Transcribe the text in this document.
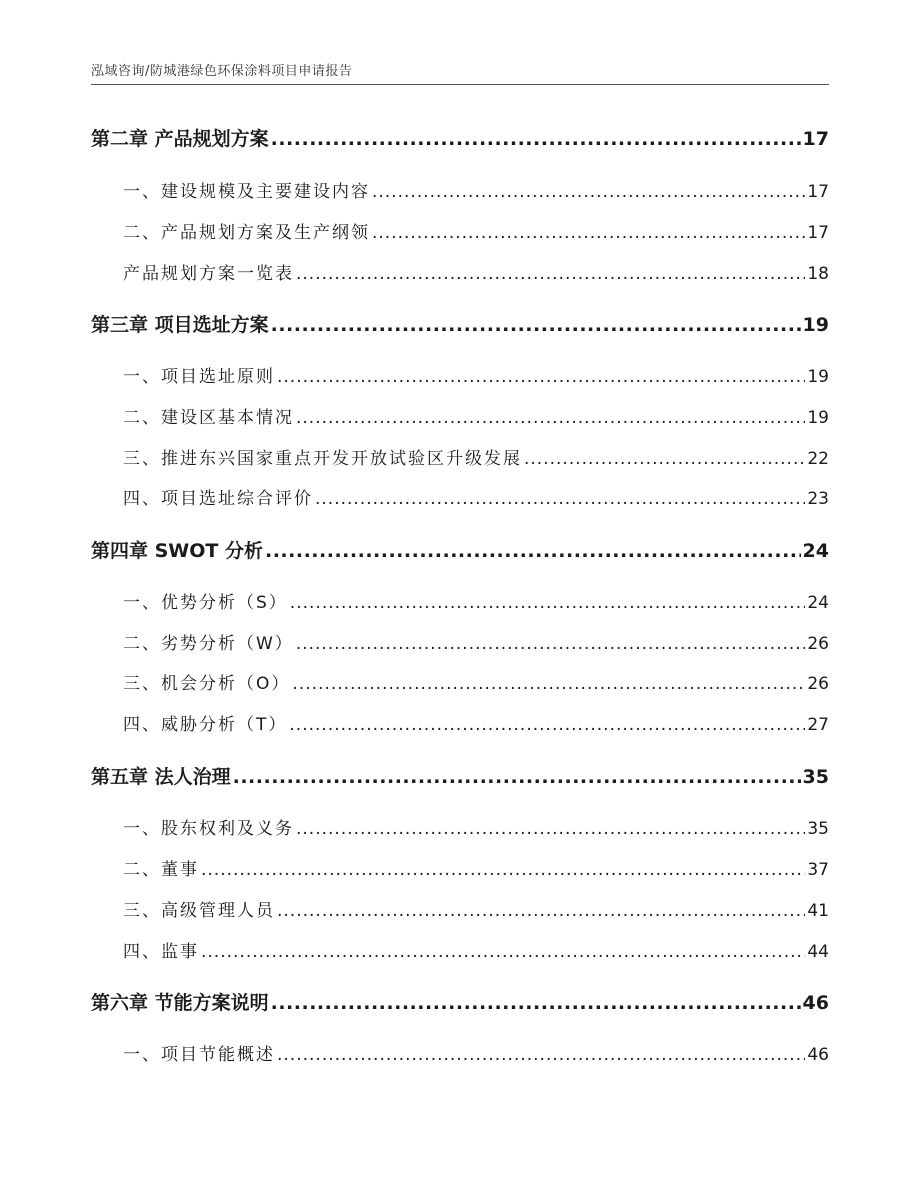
泓域咨询/防城港绿色环保涂料项目申请报告
第二章 产品规划方案 .....	17
一、 建设规模及主要建设内容 .....	17
二、 产品规划方案及生产纲领 .....	17
产品规划方案一览表 .....	18
第三章 项目选址方案 .....	19
一、 项目选址原则 .....	19
二、 建设区基本情况 .....	19
三、 推进东兴国家重点开发开放试验区升级发展 .....	22
四、 项目选址综合评价 .....	23
第四章 SWOT 分析 .....	24
一、 优势分析（S） .....	24
二、 劣势分析（W） .....	26
三、 机会分析（O） .....	26
四、 威胁分析（T） .....	27
第五章 法人治理 .....	35
一、 股东权利及义务 .....	35
二、 董事 .....	37
三、 高级管理人员 .....	41
四、 监事 .....	44
第六章 节能方案说明 .....	46
一、 项目节能概述 .....	46
